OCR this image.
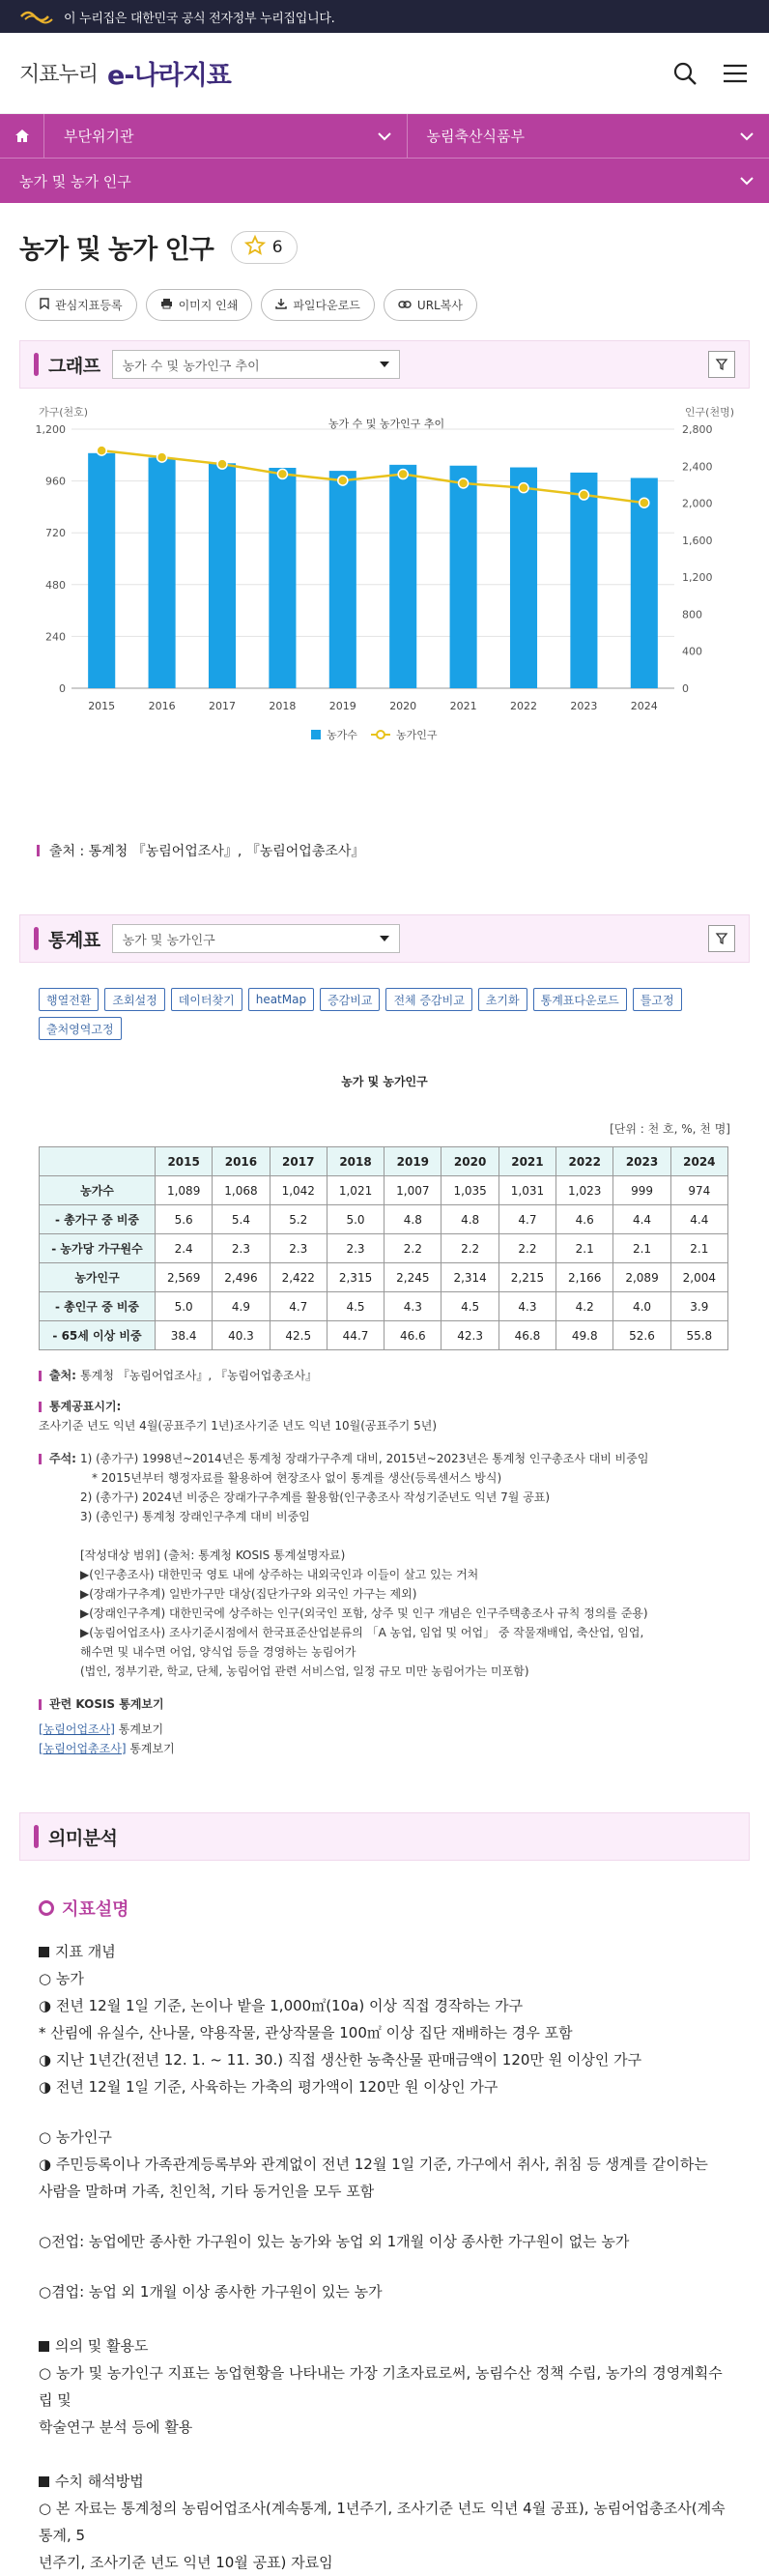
이 누리집은 대한민국 공식 전자정부 누리집입니다.
지표누리 e-나라지표
부단위기관	농림축산식품부
농가 및 농가 인구
농가 및 농가 인구	6
관심지표등록	이미지 인쇄	파일다운로드	URL복사
그래프 농가 수 및 농가인구 추이
농가 수 및 농가인구 추이
가구(천호)	인구(천명)
0
240
480
720
960
1,200
0
400
800
1,200
1,600
2,000
2,400
2,800
2015	2016	2017	2018	2019	2020	2021	2022	2023	2024
농가수	농가인구
출처 : 통계청 『농림어업조사』, 『농림어업총조사』
통계표 농가 및 농가인구
행열전환	조회설정	데이터찾기	heatMap	증감비교	전체 증감비교	초기화	통계표다운로드	틀고정
출처영역고정
농가 및 농가인구
[단위 : 천 호, %, 천 명]
	2015	2016	2017	2018	2019	2020	2021	2022	2023	2024
농가수	1,089	1,068	1,042	1,021	1,007	1,035	1,031	1,023	999	974
- 총가구 중 비중	5.6	5.4	5.2	5.0	4.8	4.8	4.7	4.6	4.4	4.4
- 농가당 가구원수	2.4	2.3	2.3	2.3	2.2	2.2	2.2	2.1	2.1	2.1
농가인구	2,569	2,496	2,422	2,315	2,245	2,314	2,215	2,166	2,089	2,004
- 총인구 중 비중	5.0	4.9	4.7	4.5	4.3	4.5	4.3	4.2	4.0	3.9
- 65세 이상 비중	38.4	40.3	42.5	44.7	46.6	42.3	46.8	49.8	52.6	55.8
출처:
통계청 『농림어업조사』, 『농림어업총조사』
통계공표시기:
조사기준 년도 익년 4월(공표주기 1년)조사기준 년도 익년 10월(공표주기 5년)
주석: 1) (총가구) 1998년~2014년은 통계청 장래가구추계 대비, 2015년~2023년은 통계청 인구총조사 대비 비중임
* 2015년부터 행정자료를 활용하여 현장조사 없이 통계를 생산(등록센서스 방식)
2) (총가구) 2024년 비중은 장래가구추계를 활용함(인구총조사 작성기준년도 익년 7월 공표)
3) (총인구) 통계청 장래인구추계 대비 비중임
[작성대상 범위] (출처: 통계청 KOSIS 통계설명자료)
▶(인구총조사) 대한민국 영토 내에 상주하는 내외국인과 이들이 살고 있는 거처
▶(장래가구추계) 일반가구만 대상(집단가구와 외국인 가구는 제외)
▶(장래인구추계) 대한민국에 상주하는 인구(외국인 포함, 상주 및 인구 개념은 인구주택총조사 규칙 정의를 준용)
▶(농림어업조사) 조사기준시점에서 한국표준산업분류의 「A 농업, 임업 및 어업」 중 작물재배업, 축산업, 임업,
해수면 및 내수면 어업, 양식업 등을 경영하는 농림어가
(법인, 정부기관, 학교, 단체, 농림어업 관련 서비스업, 일정 규모 미만 농림어가는 미포함)
관련 KOSIS 통계보기
[농림어업조사] 통계보기
[농림어업총조사] 통계보기
의미분석
지표설명
지표 개념
○ 농가
◑ 전년 12월 1일 기준, 논이나 밭을 1,000㎡(10a) 이상 직접 경작하는 가구
* 산림에 유실수, 산나물, 약용작물, 관상작물을 100㎡ 이상 집단 재배하는 경우 포함
◑ 지난 1년간(전년 12. 1. ~ 11. 30.) 직접 생산한 농축산물 판매금액이 120만 원 이상인 가구
◑ 전년 12월 1일 기준, 사육하는 가축의 평가액이 120만 원 이상인 가구
○ 농가인구
◑ 주민등록이나 가족관계등록부와 관계없이 전년 12월 1일 기준, 가구에서 취사, 취침 등 생계를 같이하는
사람을 말하며 가족, 친인척, 기타 동거인을 모두 포함
○전업: 농업에만 종사한 가구원이 있는 농가와 농업 외 1개월 이상 종사한 가구원이 없는 농가
○겸업: 농업 외 1개월 이상 종사한 가구원이 있는 농가
의의 및 활용도
○ 농가 및 농가인구 지표는 농업현황을 나타내는 가장 기초자료로써, 농림수산 정책 수립, 농가의 경영계획수립 및
학술연구 분석 등에 활용
수치 해석방법
○ 본 자료는 통계청의 농림어업조사(계속통계, 1년주기, 조사기준 년도 익년 4월 공표), 농림어업총조사(계속통계, 5
년주기, 조사기준 년도 익년 10월 공표) 자료임
